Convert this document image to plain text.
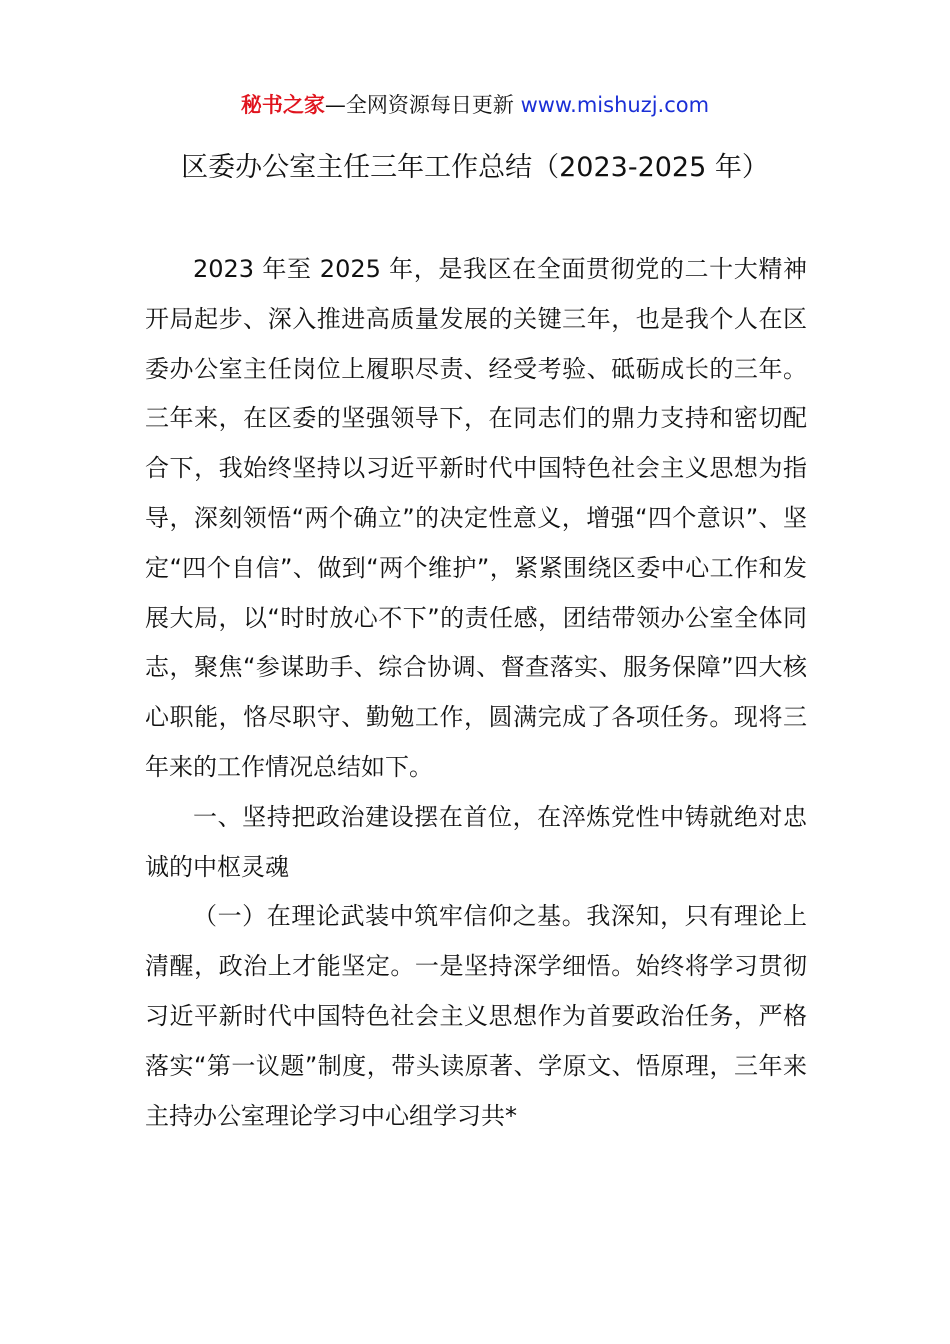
秘书之家—全网资源每日更新 www.mishuzj.com
区委办公室主任三年工作总结（2023-2025 年）

2023 年至 2025 年，是我区在全面贯彻党的二十大精神开局起步、深入推进高质量发展的关键三年，也是我个人在区委办公室主任岗位上履职尽责、经受考验、砥砺成长的三年。三年来，在区委的坚强领导下，在同志们的鼎力支持和密切配合下，我始终坚持以习近平新时代中国特色社会主义思想为指导，深刻领悟“两个确立”的决定性意义，增强“四个意识”、坚定“四个自信”、做到“两个维护”，紧紧围绕区委中心工作和发展大局，以“时时放心不下”的责任感，团结带领办公室全体同志，聚焦“参谋助手、综合协调、督查落实、服务保障”四大核心职能，恪尽职守、勤勉工作，圆满完成了各项任务。现将三年来的工作情况总结如下。

一、坚持把政治建设摆在首位，在淬炼党性中铸就绝对忠诚的中枢灵魂

（一）在理论武装中筑牢信仰之基。我深知，只有理论上清醒，政治上才能坚定。一是坚持深学细悟。始终将学习贯彻习近平新时代中国特色社会主义思想作为首要政治任务，严格落实“第一议题”制度，带头读原著、学原文、悟原理，三年来主持办公室理论学习中心组学习共*
